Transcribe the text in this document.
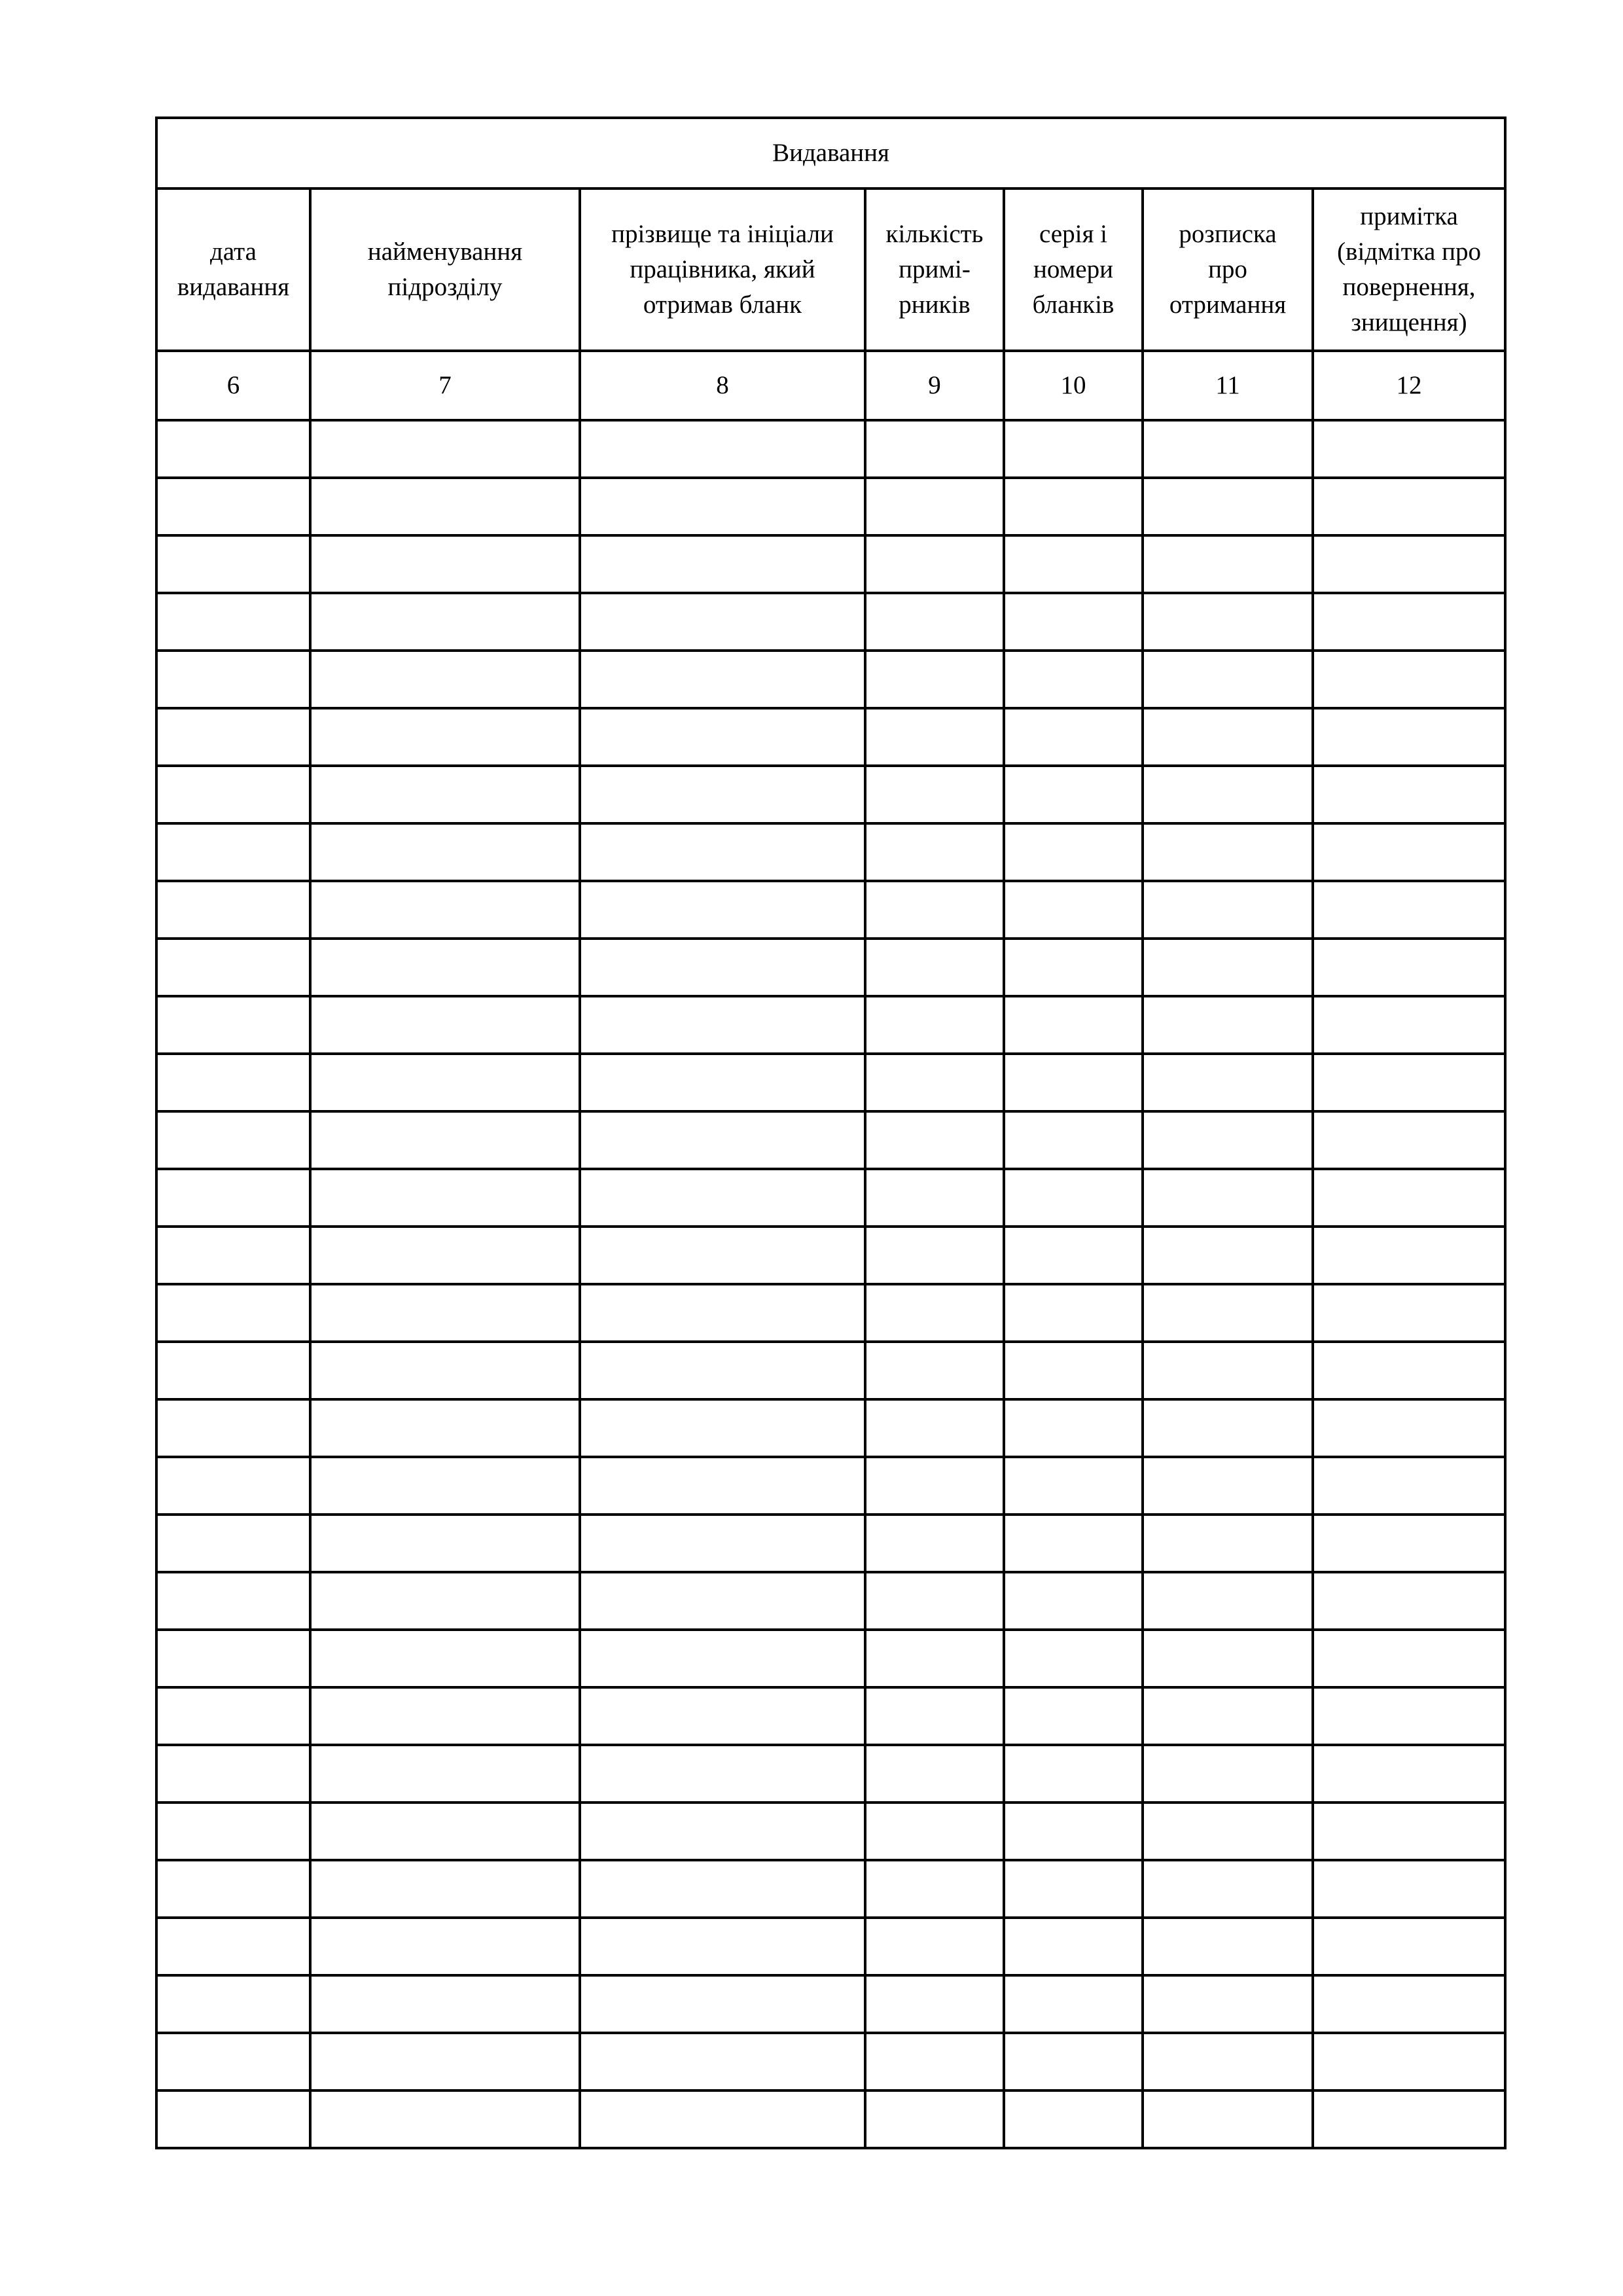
Видавання						

дата видавання	найменування підрозділу	прізвище та ініціали працівника, який отримав бланк	кількість примі-рників	серія і номери бланків	розписка про отримання	примітка (відмітка про повернення, знищення)

6	7	8	9	10	11	12
